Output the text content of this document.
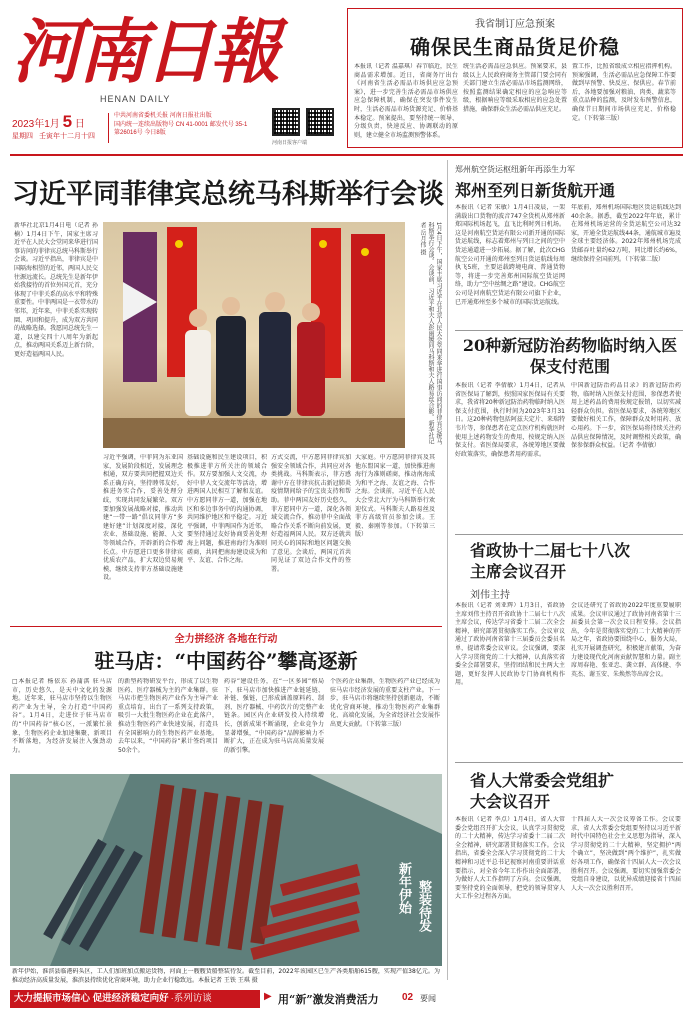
河南日報
HENAN DAILY
2023年1月 5 日
星期四 壬寅年十二月十四
中共河南省委机关报 河南日报社出版
国内统一连续出版物号 CN 41-0001 邮发代号 35-1
第26016号 今日8版
河南日报客户端
我省制订应急预案
确保民生商品货足价稳
本报讯（记者 温嘉琪）春节临近，民生商品需求增加。近日，省商务厅出台《河南省生活必需品市场供应应急预案》，进一步完善生活必需品市场供应应急保障机制，确保在突发事件发生时，生活必需品市场货源充足、价格基本稳定。预案提出，要坚持统一领导、分级负责，快速反应、协调联动的原则，建立健全市场监测预警体系。
统生活必需品应急供应。预案要求，县级以上人民政府商务主管部门要会同有关部门建立生活必需品市场监测网络，按照监测结果确定相应的应急响应等级，根据响应等级采取相应的应急处置措施，确保群众生活必需品供应充足。
置工作，比照省级成立相应指挥机构。预案强调，生活必需品应急保障工作要做到早预警、快反应、保供应。春节前后，各地要加强对粮油、肉类、蔬菜等重点品种的监测，及时发布预警信息，确保节日期间市场供应充足、价格稳定。（下转第三版）
习近平同菲律宾总统马科斯举行会谈
新华社北京1月4日电（记者 孙楠）1月4日下午，国家主席习近平在人民大会堂同来华进行国事访问的菲律宾总统马科斯举行会谈。习近平指出，菲律宾是中国隔海相望的近邻，两国人民交往源远流长。总统先生是新年伊始我接待的首位外国元首，充分体现了中菲关系的高水平和特殊重要性。中菲两国是一衣带水的邻邦，近年来，中菲关系实现转圜、巩固和提升，成为双方共同的战略选择。我愿同总统先生一道，以建交四十八周年为新起点，推动两国关系迈上新台阶，更好造福两国人民。
习近平强调，中菲同为东亚国家，发展阶段相近，发展理念相通，双方要共同把握双边关系正确方向，坚持睦邻友好，推进务实合作，妥善处理分歧，实现共同发展繁荣。双方要加强发展战略对接，推动共建“一带一路”倡议同菲方“多建好建”计划深度对接，深化农业、基础设施、能源、人文等领域合作，开辟新的合作增长点。中方愿进口更多菲律宾优质农产品，扩大双边贸易规模，继续支持菲方基础设施建设。
基础设施和民生建设项目，积极推进菲方所关注的领域合作。双方要加强人文交流，办好中菲人文交流年等活动，增进两国人民相互了解和友谊。中方愿同菲方一道，加强在地区和多边事务中的沟通协调，共同维护地区和平稳定。习近平强调，中菲两国作为近邻，要坚持通过友好协商妥善处理海上问题，推进南海行为准则磋商，共同把南海建设成为和平、友谊、合作之海。
方式交流，中方愿同菲律宾加强安全领域合作，共同应对各类挑战。马科斯表示，菲方感谢中方在菲律宾抗击新冠肺炎疫情期间给予的宝贵支持和帮助。菲中两国友好历史悠久，菲方愿同中方一道，深化各领域交流合作，推动菲中全面战略合作关系不断向前发展，更好造福两国人民。双方还就共同关心的国际和地区问题交换了意见。会谈后，两国元首共同见证了双边合作文件的签署。
大家庭。中方愿同菲律宾及其他东盟国家一道，加快推进南海行为准则磋商，推动南海成为和平之海、友谊之海、合作之海。会谈前，习近平在人民大会堂北大厅为马科斯举行欢迎仪式。马科斯夫人路易丝及菲方高级官员参加会谈。王毅、秦刚等参加。（下转第三版）
1月4日下午，国家主席习近平在北京人民大会堂同来华进行国事访问的菲律宾总统马科斯举行会谈。会谈前，习近平和夫人彭丽媛同马科斯和夫人路易丝合影。新华社记者 岳月伟 摄
郑州航空货运枢纽新年再添生力军
郑州至列日新货航开通
本报讯（记者 宋敏）1月4日凌晨，一架满载出口货物的波音747全货机从郑州新郑国际机场起飞，直飞比利时列日机场。这是河南航空货运有限公司新开通的国际货运航线，标志着郑州与列日之间的空中货运通道进一步拓展。据了解，此次CHG航空公司开通的郑州至列日货运航线每周执飞5班，主要运载跨境电商、普通货物等，将进一步完善郑州国际航空货运网络，助力“空中丝绸之路”建设。CHG航空公司是河南航空货运有限公司旗下企业，已开通郑州至多个城市的国际货运航线。
年底前，郑州机场国际地区货运航线达到40余条。据悉，截至2022年年底，累计在郑州机场运营的全货运航空公司达32家，开通全货运航线44条，通航城市遍及全球主要经济体。2022年郑州机场完成货邮吞吐量约62万吨，同比增长约6%，继续保持全国前列。（下转第二版）
20种新冠防治药物临时纳入医保支付范围
本报讯（记者 李倩敏）1月4日，记者从省医保局了解到，按照国家医保局有关要求，我省将20种新冠防治药物临时纳入医保支付范围，执行时间为2023年3月31日。这20种药物包括阿兹夫定片、来瑞特韦片等，参保患者在定点医疗机构就医时使用上述药物发生的费用，按规定纳入医保支付。省医保局要求，各统筹地区要做好政策落实，确保患者用药需求。
中国新冠防治药品目录》的新冠防治药物，临时纳入医保支付范围，参保患者使用上述药品的费用按规定报销，以切实减轻群众负担。省医保局要求，各统筹地区要做好相关工作，保障群众及时用药、放心用药。下一步，省医保局将持续关注药品供应保障情况，及时调整相关政策，确保参保群众权益。（记者 李倩敏）
省政协十二届七十八次主席会议召开
刘伟主持
本报讯（记者 刘亚辉）1月3日，省政协主席刘伟主持召开省政协十二届七十八次主席会议，传达学习省委十二届二次全会精神，研究部署贯彻落实工作。会议审议通过了政协河南省第十三届委员会委员名单，提请常委会议审议。会议强调，要深入学习贯彻党的二十大精神，认真落实省委全会部署要求，坚持团结和民主两大主题，更好发挥人民政协专门协商机构作用。
会议还研究了省政协2022年度重要履职成果。会议审议通过了政协河南省第十三届委员会第一次会议日程安排。会议指出，今年是贯彻落实党的二十大精神的开局之年，省政协要围绕中心、服务大局，扎实开展调查研究，积极建言献策，为奋力建设现代化河南贡献智慧和力量。副主席周春艳、张亚忠、龚立群、高体健、李英杰、谢玉安、朱焕然等出席会议。
省人大常委会党组扩大会议召开
本报讯（记者 李点）1月4日，省人大常委会党组召开扩大会议，认真学习贯彻党的二十大精神，传达学习省委十二届二次全会精神，研究部署贯彻落实工作。会议指出，省委全会深入学习贯彻党的二十大精神和习近平总书记视察河南重要讲话重要指示，对全省今年工作作出全面部署，为做好人大工作指明了方向。会议强调，要坚持党的全面领导，把党的领导贯穿人大工作全过程各方面。
十四届人大一次会议筹备工作。会议要求，省人大常委会党组要坚持以习近平新时代中国特色社会主义思想为指导，深入学习贯彻党的二十大精神，坚定拥护“两个确立”，坚决做到“两个维护”，扎实做好各项工作，确保省十四届人大一次会议胜利召开。会议强调，要切实加强常委会党组自身建设，以优异成绩迎接省十四届人大一次会议胜利召开。
全力拼经济 各地在行动
驻马店：“中国药谷”攀高逐新
□本报记者 杨依东 孙蒲淇 驻马店市，历史悠久，是天中文化的发源地。近年来，驻马店市坚持以生物医药产业为主导，全力打造“中国药谷”。1月4日，走进位于驻马店市的“中国药谷”核心区，一派繁忙景象，生物医药企业加速集聚，新项目不断落地，为经济发展注入强劲动力。
的新型药物研发平台，形成了以生物医药、医疗器械为主的产业集群。驻马店市把生物医药产业作为主导产业重点培育，出台了一系列支持政策，吸引一大批生物医药企业在此落户，推动生物医药产业快速发展，打造具有全国影响力的生物医药产业基地。去年以来，“中国药谷”累计签约项目50余个。
药谷”建设任务，在“一区多园”格局下，驻马店市加快推进产业链延链、补链、强链，已形成涵盖原料药、制剂、医疗器械、中药饮片的完整产业链条。园区内企业研发投入持续增长，创新成果不断涌现，企业竞争力显著增强，“中国药谷”品牌影响力不断扩大，正在成为驻马店高质量发展的新引擎。
个医药企业集群，生物医药产业已经成为驻马店市经济发展的重要支柱产业。下一步，驻马店市将继续坚持创新驱动，不断优化营商环境，推动生物医药产业集群化、高端化发展，为全省经济社会发展作出更大贡献。（下转第三版）
新年伊始 整装待发
新年伊始，淮滨县临港码头区，工人们加班加点搬运货物，河面上一艘艘货船整装待发。截至目前，2022年该园区已生产各类船舶615艘，实现产值38亿元。为推动经济高质量发展，淮滨县持续优化营商环境，助力企业行稳致远。本报记者 王铁 王琪 摄
大力提振市场信心 促进经济稳定向好 ·系列访谈	▶ 用“新”激发消费活力 02 要闻
